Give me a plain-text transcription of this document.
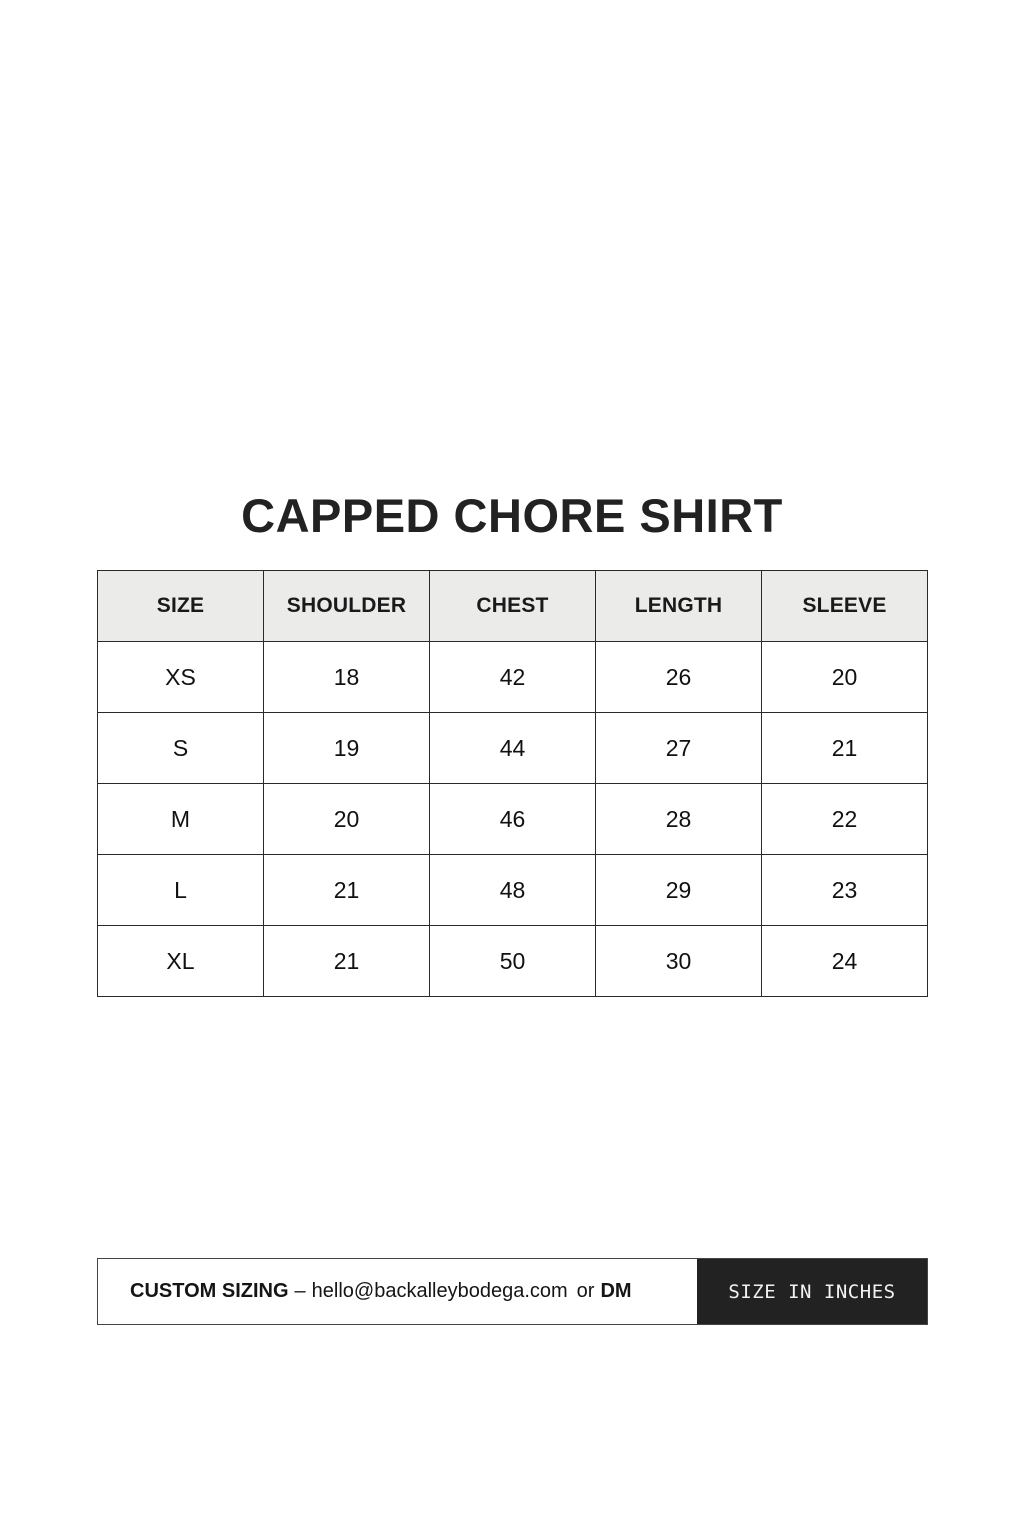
CAPPED CHORE SHIRT
SIZE	SHOULDER	CHEST	LENGTH	SLEEVE
XS	18	42	26	20
S	19	44	27	21
M	20	46	28	22
L	21	48	29	23
XL	21	50	30	24
CUSTOM SIZING – hello@backalleybodega.com or DM	SIZE IN INCHES
